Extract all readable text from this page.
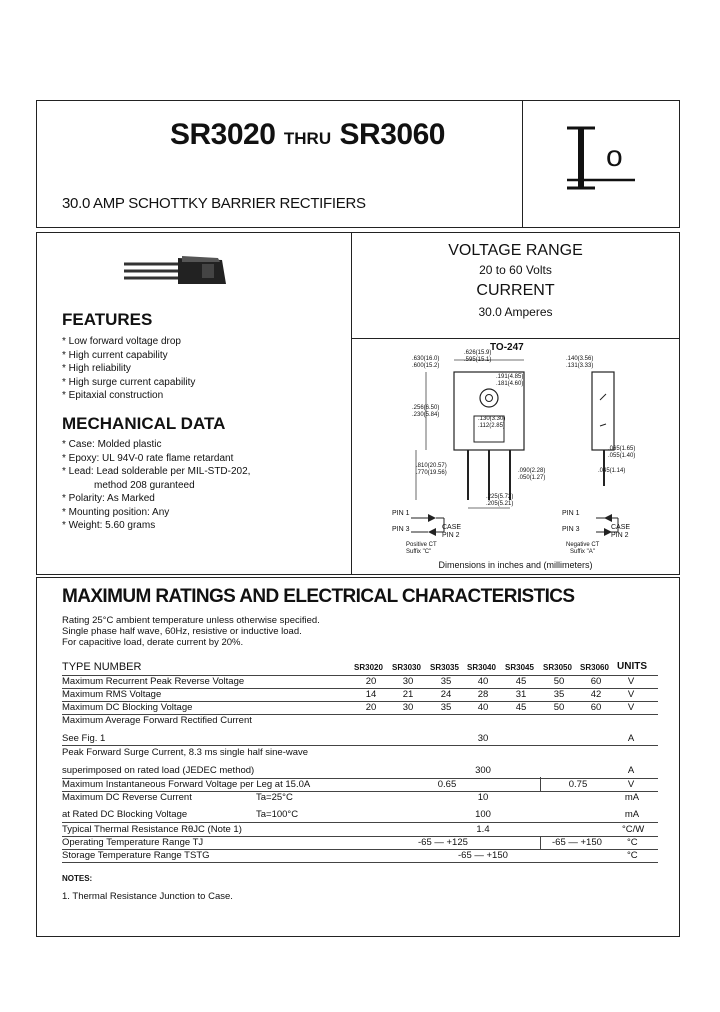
SR3020 THRU SR3060
30.0 AMP SCHOTTKY BARRIER RECTIFIERS
o
VOLTAGE RANGE
20 to 60 Volts
CURRENT
30.0 Amperes
FEATURES
* Low forward voltage drop
* High current capability
* High reliability
* High surge current capability
* Epitaxial construction
MECHANICAL DATA
* Case: Molded plastic
* Epoxy: UL 94V-0 rate flame retardant
* Lead: Lead solderable per MIL-STD-202,
method 208 guranteed
* Polarity: As Marked
* Mounting position: Any
* Weight: 5.60 grams
TO-247
.626(15.9)
.595(15.1)
.630(16.0)
.600(15.2)
.191(4.85)
.181(4.60)
.140(3.56)
.131(3.33)
.256(6.50)
.230(5.84)
.130(3.30)
.112(2.85)
.810(20.57)
.770(19.56)	.090(2.28)
.050(1.27)
.045(1.14)
.225(5.72)
.205(5.21)
.065(1.65)
.055(1.40)
PIN 1
PIN 3
PIN 2
CASE
PIN 1
PIN 3	CASE
PIN 2
Positive CT
Suffix "C"
Negative CT
Suffix "A"
Dimensions in inches and (millimeters)
MAXIMUM RATINGS AND ELECTRICAL CHARACTERISTICS
Rating 25°C ambient temperature unless otherwise specified.
Single phase half wave, 60Hz, resistive or inductive load.
For capacitive load, derate current by 20%.
TYPE NUMBER	SR3020 SR3030 SR3035 SR3040 SR3045 SR3050 SR3060 UNITS
Maximum Recurrent Peak Reverse Voltage	20	30	35	40	45	50	60	V
Maximum RMS Voltage	14	21	24	28	31	35	42	V
Maximum DC Blocking Voltage	20	30	35	40	45	50	60	V
Maximum Average Forward Rectified Current
See Fig. 1	30	A
Peak Forward Surge Current, 8.3 ms single half sine-wave
superimposed on rated load (JEDEC method)	300	A
Maximum Instantaneous Forward Voltage per Leg at 15.0A	0.65	0.75	V
Maximum DC Reverse Current	Ta=25°C	10	mA
at Rated DC Blocking Voltage	Ta=100°C	100	mA
Typical Thermal Resistance RθJC (Note 1)	1.4	°C/W
Operating Temperature Range TJ	-65 — +125	-65 — +150	°C
Storage Temperature Range TSTG	-65 — +150	°C
NOTES:
1. Thermal Resistance Junction to Case.
